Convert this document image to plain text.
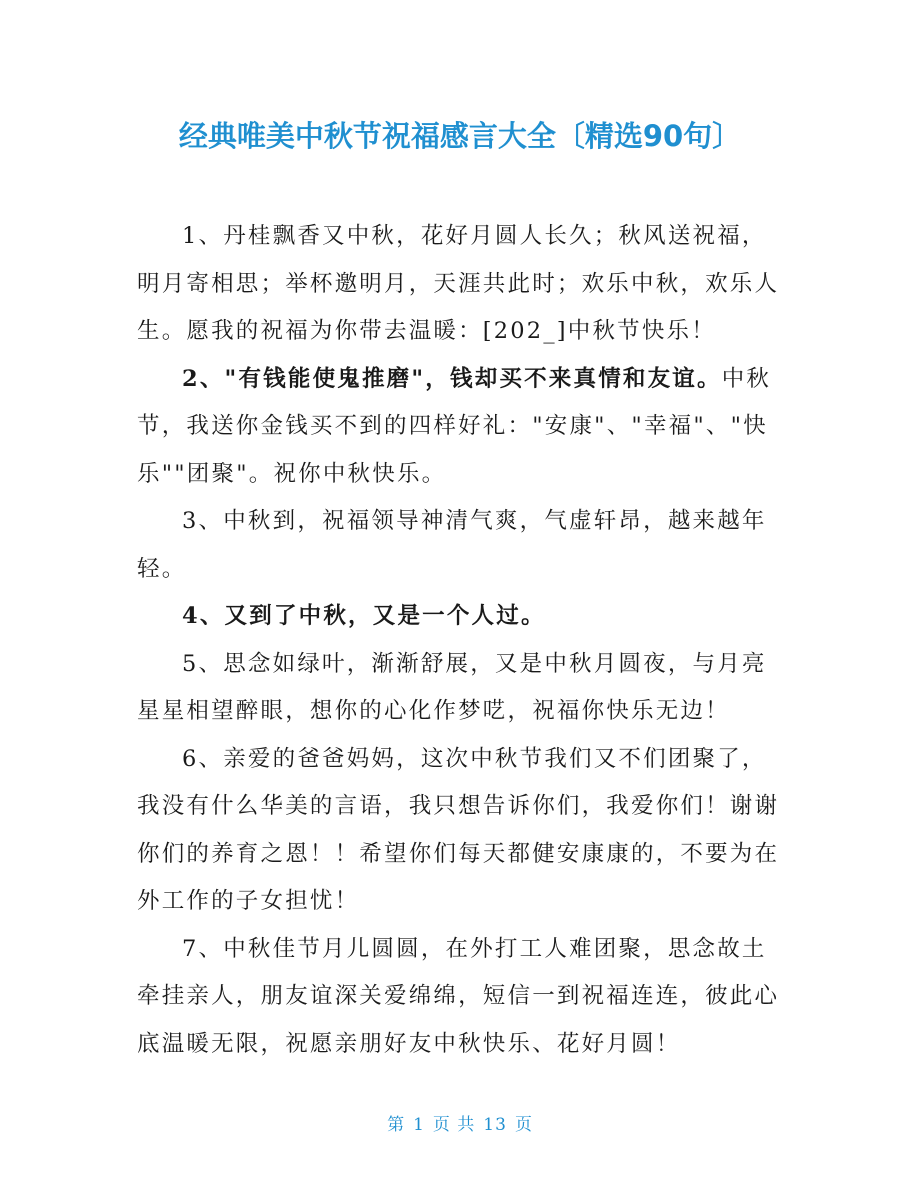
经典唯美中秋节祝福感言大全〔精选90句〕

1、丹桂飘香又中秋，花好月圆人长久；秋风送祝福，明月寄相思；举杯邀明月，天涯共此时；欢乐中秋，欢乐人生。愿我的祝福为你带去温暖：[202_]中秋节快乐！

2、"有钱能使鬼推磨"，钱却买不来真情和友谊。中秋节，我送你金钱买不到的四样好礼："安康"、"幸福"、"快乐""团聚"。祝你中秋快乐。

3、中秋到，祝福领导神清气爽，气虚轩昂，越来越年轻。

4、又到了中秋，又是一个人过。

5、思念如绿叶，渐渐舒展，又是中秋月圆夜，与月亮星星相望醉眼，想你的心化作梦呓，祝福你快乐无边！

6、亲爱的爸爸妈妈，这次中秋节我们又不们团聚了，我没有什么华美的言语，我只想告诉你们，我爱你们！谢谢你们的养育之恩！！希望你们每天都健安康康的，不要为在外工作的子女担忧！

7、中秋佳节月儿圆圆，在外打工人难团聚，思念故土牵挂亲人，朋友谊深关爱绵绵，短信一到祝福连连，彼此心底温暖无限，祝愿亲朋好友中秋快乐、花好月圆！

第 1 页 共 13 页
